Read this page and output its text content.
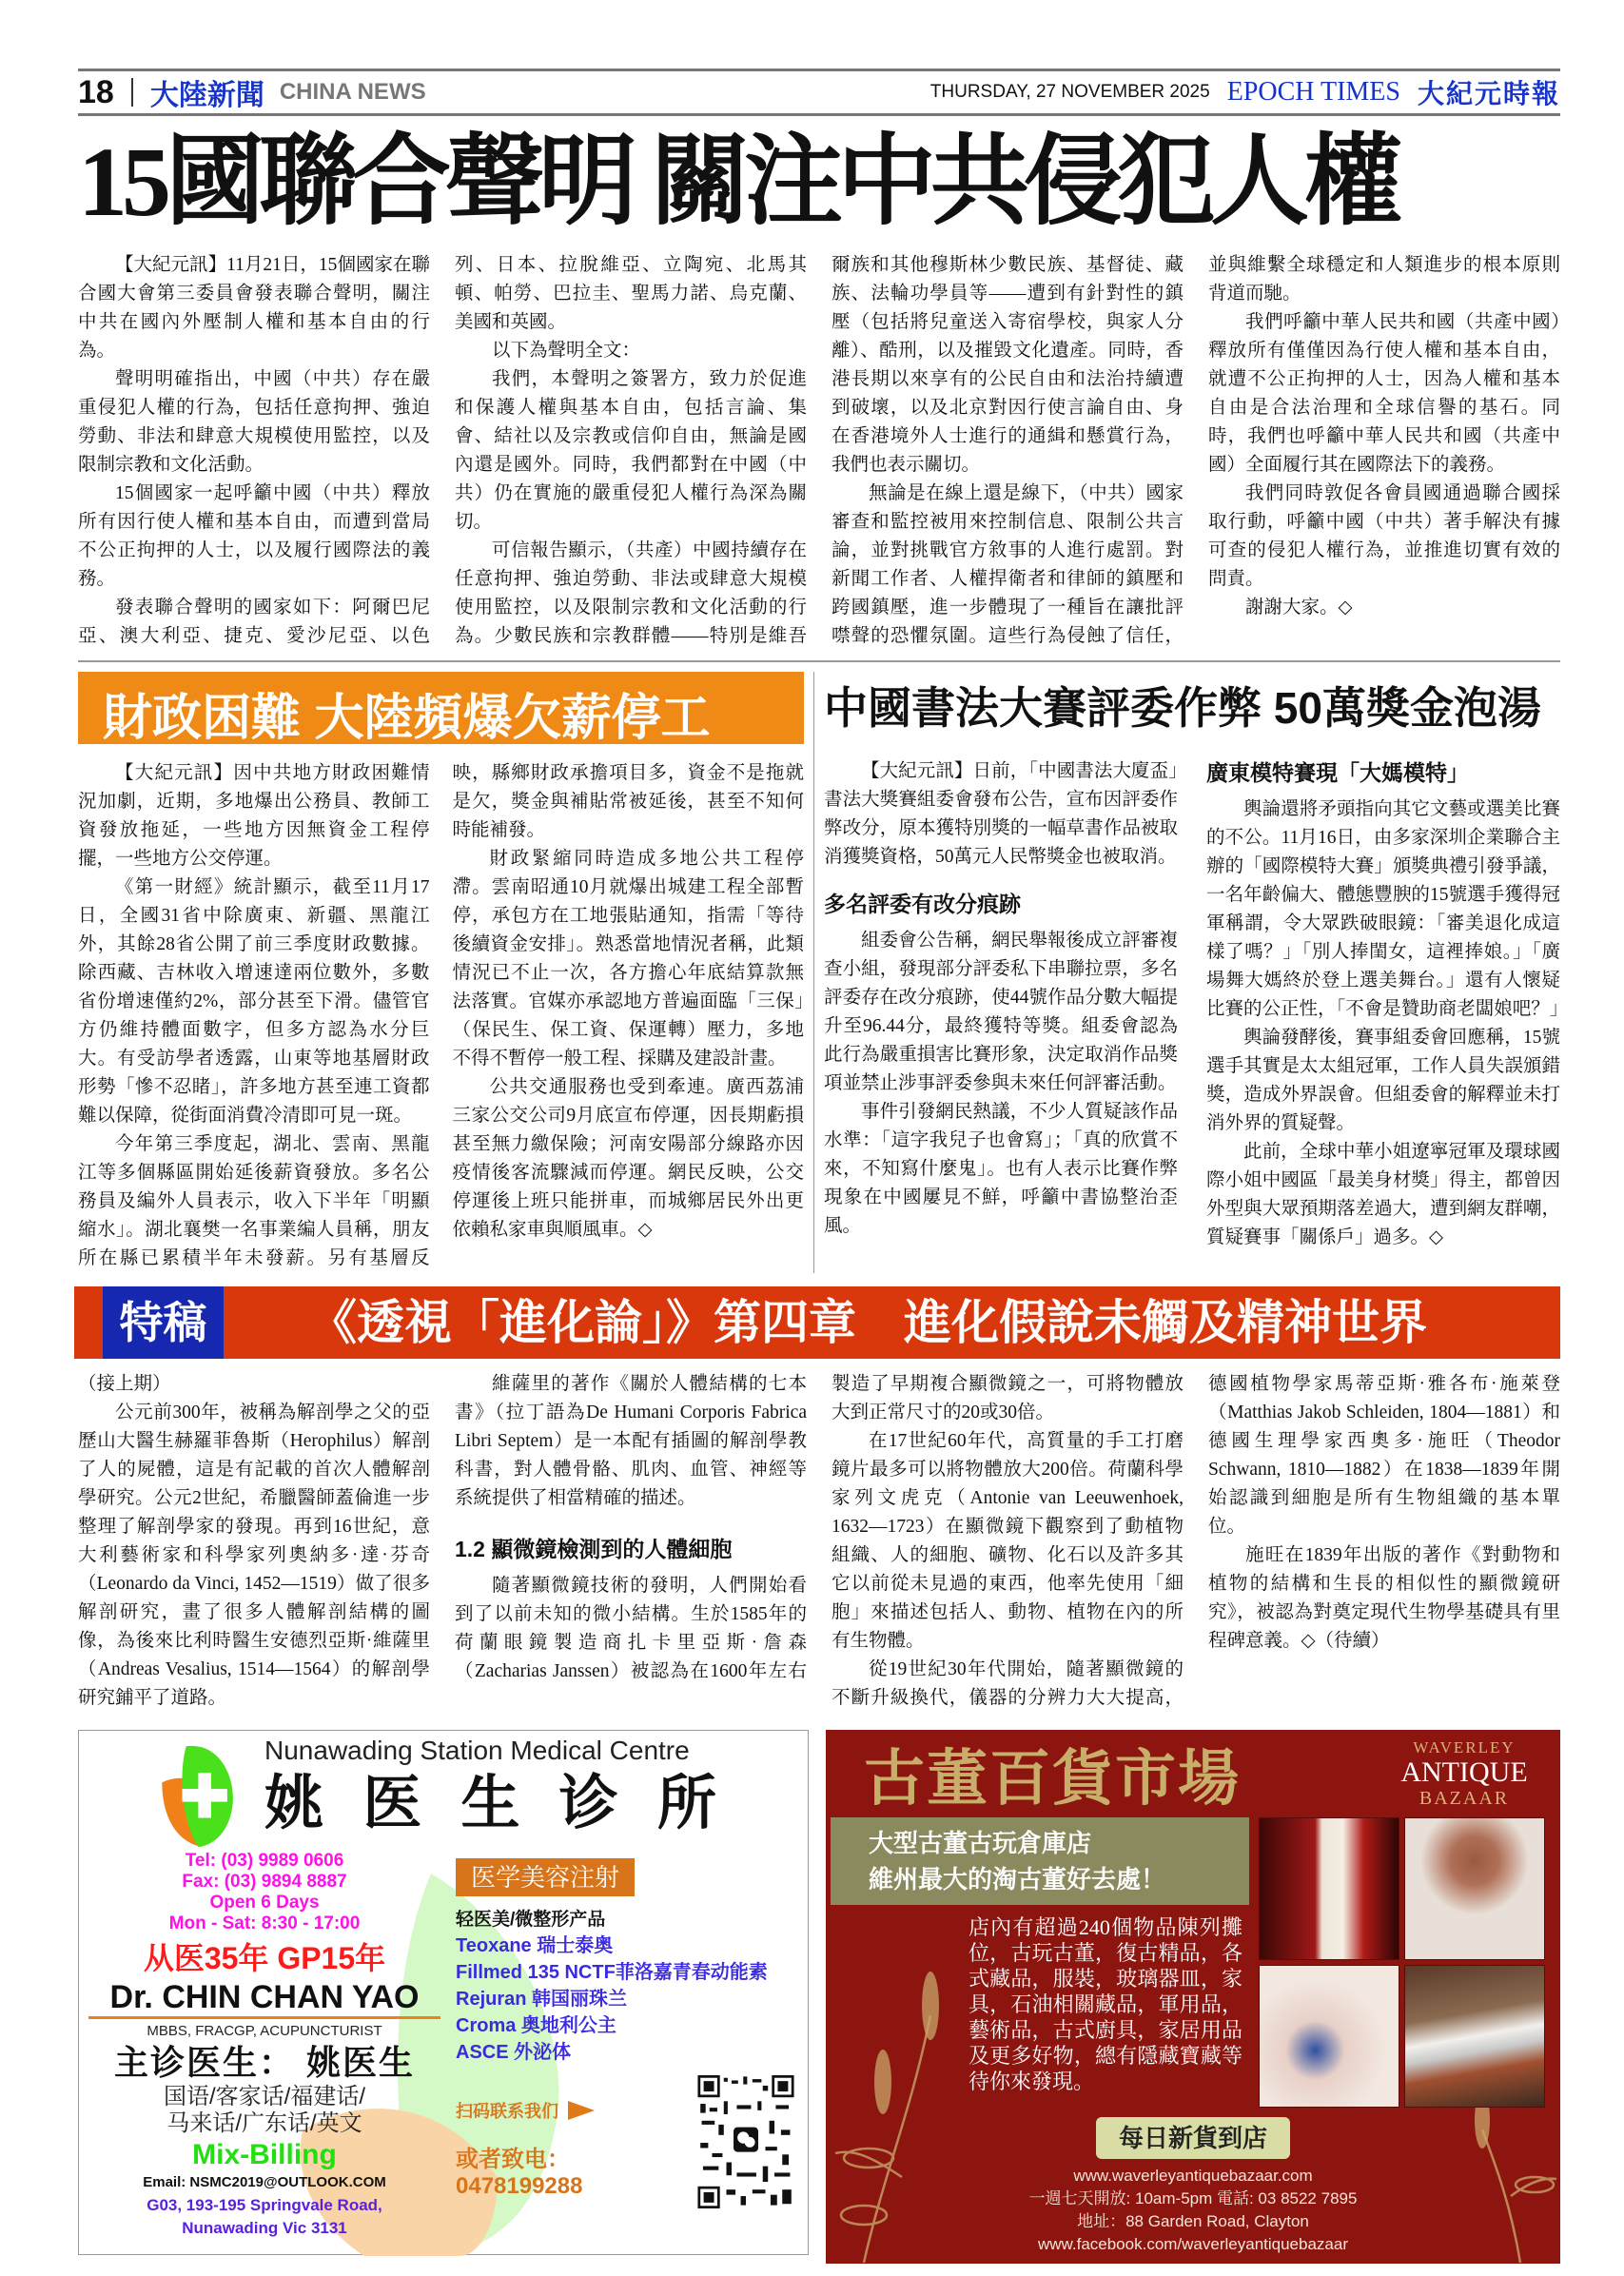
18 大陸新聞 CHINA NEWS	THURSDAY, 27 NOVEMBER 2025 EPOCH TIMES 大紀元時報
15國聯合聲明 關注中共侵犯人權

【大紀元訊】11月21日，15個國家在聯合國大會第三委員會發表聯合聲明，關注中共在國內外壓制人權和基本自由的行為。

聲明明確指出，中國（中共）存在嚴重侵犯人權的行為，包括任意拘押、強迫勞動、非法和肆意大規模使用監控，以及限制宗教和文化活動。

15個國家一起呼籲中國（中共）釋放所有因行使人權和基本自由，而遭到當局不公正拘押的人士，以及履行國際法的義務。

發表聯合聲明的國家如下：阿爾巴尼亞、澳大利亞、捷克、愛沙尼亞、以色列、日本、拉脫維亞、立陶宛、北馬其頓、帕勞、巴拉圭、聖馬力諾、烏克蘭、美國和英國。

以下為聲明全文：

我們，本聲明之簽署方，致力於促進和保護人權與基本自由，包括言論、集會、結社以及宗教或信仰自由，無論是國內還是國外。同時，我們都對在中國（中共）仍在實施的嚴重侵犯人權行為深為關切。

可信報告顯示，（共產）中國持續存在任意拘押、強迫勞動、非法或肆意大規模使用監控，以及限制宗教和文化活動的行為。少數民族和宗教群體——特別是維吾爾族和其他穆斯林少數民族、基督徒、藏族、法輪功學員等——遭到有針對性的鎮壓（包括將兒童送入寄宿學校，與家人分離）、酷刑，以及摧毀文化遺產。同時，香港長期以來享有的公民自由和法治持續遭到破壞，以及北京對因行使言論自由、身在香港境外人士進行的通緝和懸賞行為，我們也表示關切。

無論是在線上還是線下，（中共）國家審查和監控被用來控制信息、限制公共言論，並對挑戰官方敘事的人進行處罰。對新聞工作者、人權捍衛者和律師的鎮壓和跨國鎮壓，進一步體現了一種旨在讓批評噤聲的恐懼氛圍。這些行為侵蝕了信任，並與維繫全球穩定和人類進步的根本原則背道而馳。

我們呼籲中華人民共和國（共產中國）釋放所有僅僅因為行使人權和基本自由，就遭不公正拘押的人士，因為人權和基本自由是合法治理和全球信譽的基石。同時，我們也呼籲中華人民共和國（共產中國）全面履行其在國際法下的義務。

我們同時敦促各會員國通過聯合國採取行動，呼籲中國（中共）著手解決有據可查的侵犯人權行為，並推進切實有效的問責。

謝謝大家。◇

財政困難 大陸頻爆欠薪停工

【大紀元訊】因中共地方財政困難情況加劇，近期，多地爆出公務員、教師工資發放拖延，一些地方因無資金工程停擺，一些地方公交停運。

《第一財經》統計顯示，截至11月17日，全國31省中除廣東、新疆、黑龍江外，其餘28省公開了前三季度財政數據。除西藏、吉林收入增速達兩位數外，多數省份增速僅約2%，部分甚至下滑。儘管官方仍維持體面數字，但多方認為水分巨大。有受訪學者透露，山東等地基層財政形勢「慘不忍睹」，許多地方甚至連工資都難以保障，從街面消費冷清即可見一斑。

今年第三季度起，湖北、雲南、黑龍江等多個縣區開始延後薪資發放。多名公務員及編外人員表示，收入下半年「明顯縮水」。湖北襄樊一名事業編人員稱，朋友所在縣已累積半年未發薪。另有基層反映，縣鄉財政承擔項目多，資金不是拖就是欠，獎金與補貼常被延後，甚至不知何時能補發。

財政緊縮同時造成多地公共工程停滯。雲南昭通10月就爆出城建工程全部暫停，承包方在工地張貼通知，指需「等待後續資金安排」。熟悉當地情況者稱，此類情況已不止一次，各方擔心年底結算款無法落實。官媒亦承認地方普遍面臨「三保」（保民生、保工資、保運轉）壓力，多地不得不暫停一般工程、採購及建設計畫。

公共交通服務也受到牽連。廣西荔浦三家公交公司9月底宣布停運，因長期虧損甚至無力繳保險；河南安陽部分線路亦因疫情後客流驟減而停運。網民反映，公交停運後上班只能拼車，而城鄉居民外出更依賴私家車與順風車。◇

中國書法大賽評委作弊 50萬獎金泡湯

【大紀元訊】日前，「中國書法大廈盃」書法大獎賽組委會發布公告，宣布因評委作弊改分，原本獲特別獎的一幅草書作品被取消獲獎資格，50萬元人民幣獎金也被取消。

多名評委有改分痕跡

組委會公告稱，網民舉報後成立評審複查小組，發現部分評委私下串聯拉票，多名評委存在改分痕跡，使44號作品分數大幅提升至96.44分，最終獲特等獎。組委會認為此行為嚴重損害比賽形象，決定取消作品獎項並禁止涉事評委參與未來任何評審活動。

事件引發網民熱議，不少人質疑該作品水準：「這字我兒子也會寫」；「真的欣賞不來，不知寫什麼鬼」。也有人表示比賽作弊現象在中國屢見不鮮，呼籲中書協整治歪風。

廣東模特賽現「大媽模特」

輿論還將矛頭指向其它文藝或選美比賽的不公。11月16日，由多家深圳企業聯合主辦的「國際模特大賽」頒獎典禮引發爭議，一名年齡偏大、體態豐腴的15號選手獲得冠軍稱謂，令大眾跌破眼鏡：「審美退化成這樣了嗎？」「別人捧閨女，這裡捧娘。」「廣場舞大媽終於登上選美舞台。」還有人懷疑比賽的公正性，「不會是贊助商老闆娘吧？」

輿論發酵後，賽事組委會回應稱，15號選手其實是太太組冠軍，工作人員失誤頒錯獎，造成外界誤會。但組委會的解釋並未打消外界的質疑聲。

此前，全球中華小姐遼寧冠軍及環球國際小姐中國區「最美身材獎」得主，都曾因外型與大眾預期落差過大，遭到網友群嘲，質疑賽事「關係戶」過多。◇

特稿	《透視「進化論」》第四章　進化假說未觸及精神世界

（接上期）

公元前300年，被稱為解剖學之父的亞歷山大醫生赫羅菲魯斯（Herophilus）解剖了人的屍體，這是有記載的首次人體解剖學研究。公元2世紀，希臘醫師蓋倫進一步整理了解剖學家的發現。再到16世紀，意大利藝術家和科學家列奧納多·達·芬奇（Leonardo da Vinci, 1452—1519）做了很多解剖研究，畫了很多人體解剖結構的圖像，為後來比利時醫生安德烈亞斯·維薩里（Andreas Vesalius, 1514—1564）的解剖學研究鋪平了道路。

維薩里的著作《關於人體結構的七本書》（拉丁語為De Humani Corporis Fabrica Libri Septem）是一本配有插圖的解剖學教科書，對人體骨骼、肌肉、血管、神經等系統提供了相當精確的描述。

1.2 顯微鏡檢測到的人體細胞

隨著顯微鏡技術的發明，人們開始看到了以前未知的微小結構。生於1585年的荷蘭眼鏡製造商扎卡里亞斯·詹森（Zacharias Janssen）被認為在1600年左右製造了早期複合顯微鏡之一，可將物體放大到正常尺寸的20或30倍。

在17世紀60年代，高質量的手工打磨鏡片最多可以將物體放大200倍。荷蘭科學家列文虎克（Antonie van Leeuwenhoek, 1632—1723）在顯微鏡下觀察到了動植物組織、人的細胞、礦物、化石以及許多其它以前從未見過的東西，他率先使用「細胞」來描述包括人、動物、植物在內的所有生物體。

從19世紀30年代開始，隨著顯微鏡的不斷升級換代，儀器的分辨力大大提高，德國植物學家馬蒂亞斯·雅各布·施萊登（Matthias Jakob Schleiden, 1804—1881）和德國生理學家西奧多·施旺（Theodor Schwann, 1810—1882）在1838—1839年開始認識到細胞是所有生物組織的基本單位。

施旺在1839年出版的著作《對動物和植物的結構和生長的相似性的顯微鏡研究》，被認為對奠定現代生物學基礎具有里程碑意義。◇（待續）

Nunawading Station Medical Centre
姚 医 生 诊 所
Tel: (03) 9989 0606
Fax: (03) 9894 8887
Open 6 Days
Mon - Sat: 8:30 - 17:00
从医35年 GP15年
Dr. CHIN CHAN YAO
MBBS, FRACGP, ACUPUNCTURIST
主诊医生： 姚医生
国语/客家话/福建话/
马来话/广东话/英文
Mix-Billing
Email: NSMC2019@OUTLOOK.COM
G03, 193-195 Springvale Road,
Nunawading Vic 3131
医学美容注射
轻医美/微整形产品
Teoxane 瑞士泰奥
Fillmed 135 NCTF菲洛嘉青春动能素
Rejuran 韩国丽珠兰
Croma 奥地利公主
ASCE 外泌体
扫码联系我们
或者致电：
0478199288
古董百貨市場	WAVERLEY
ANTIQUE
BAZAAR
大型古董古玩倉庫店
維州最大的淘古董好去處！
店內有超過240個物品陳列攤位，古玩古董，復古精品，各式藏品，服裝，玻璃器皿，家具，石油相關藏品，軍用品，藝術品，古式廚具，家居用品及更多好物，總有隱藏寶藏等待你來發現。
每日新貨到店
www.waverleyantiquebazaar.com
一週七天開放: 10am-5pm 電話: 03 8522 7895
地址：88 Garden Road, Clayton
www.facebook.com/waverleyantiquebazaar
